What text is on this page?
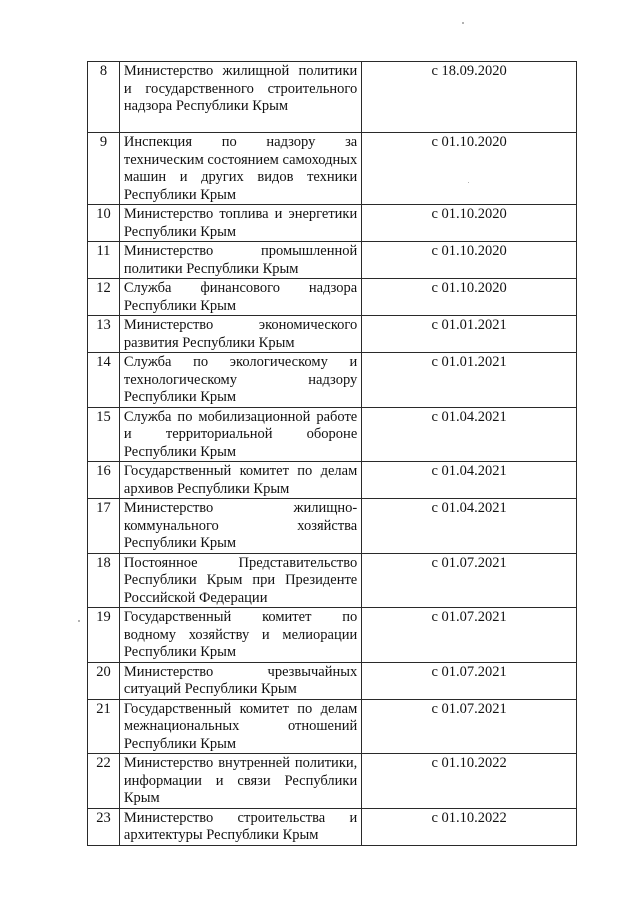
8	Министерство жилищной политики и государственного строительного надзора Республики Крым	с 18.09.2020
9	Инспекция по надзору за техническим состоянием самоходных машин и других видов техники Республики Крым	с 01.10.2020
10	Министерство топлива и энергетики Республики Крым	с 01.10.2020
11	Министерство промышленной политики Республики Крым	с 01.10.2020
12	Служба финансового надзора Республики Крым	с 01.10.2020
13	Министерство экономического развития Республики Крым	с 01.01.2021
14	Служба по экологическому и технологическому надзору Республики Крым	с 01.01.2021
15	Служба по мобилизационной работе и территориальной обороне Республики Крым	с 01.04.2021
16	Государственный комитет по делам архивов Республики Крым	с 01.04.2021
17	Министерство жилищно-коммунального хозяйства Республики Крым	с 01.04.2021
18	Постоянное Представительство Республики Крым при Президенте Российской Федерации	с 01.07.2021
19	Государственный комитет по водному хозяйству и мелиорации Республики Крым	с 01.07.2021
20	Министерство чрезвычайных ситуаций Республики Крым	с 01.07.2021
21	Государственный комитет по делам межнациональных отношений Республики Крым	с 01.07.2021
22	Министерство внутренней политики, информации и связи Республики Крым	с 01.10.2022
23	Министерство строительства и архитектуры Республики Крым	с 01.10.2022
